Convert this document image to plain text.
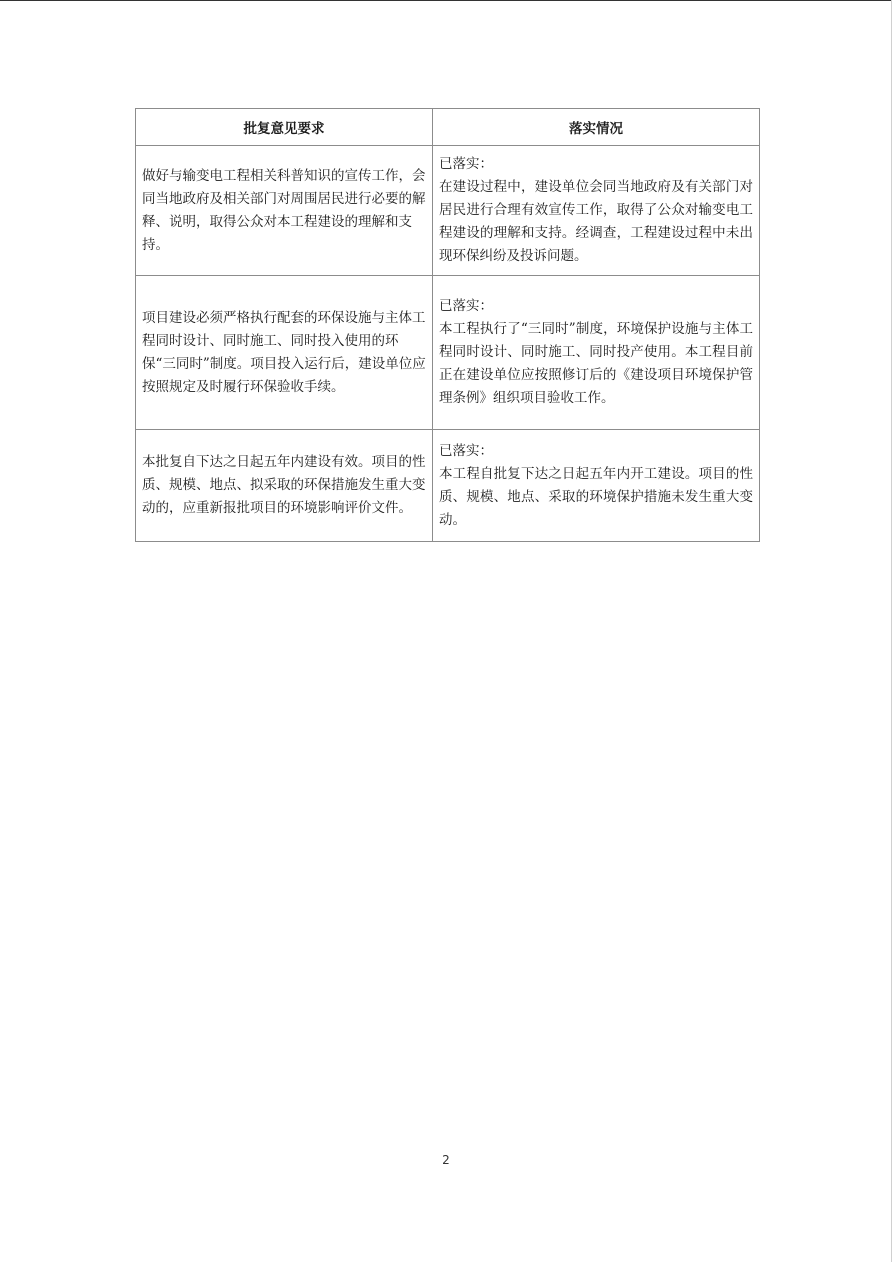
批复意见要求	落实情况
做好与输变电工程相关科普知识的宣传工作，会同当地政府及相关部门对周围居民进行必要的解释、说明，取得公众对本工程建设的理解和支持。	已落实：
在建设过程中，建设单位会同当地政府及有关部门对居民进行合理有效宣传工作，取得了公众对输变电工程建设的理解和支持。经调查，工程建设过程中未出现环保纠纷及投诉问题。

项目建设必须严格执行配套的环保设施与主体工程同时设计、同时施工、同时投入使用的环保“三同时”制度。项目投入运行后，建设单位应按照规定及时履行环保验收手续。	已落实：
本工程执行了“三同时”制度，环境保护设施与主体工程同时设计、同时施工、同时投产使用。本工程目前正在建设单位应按照修订后的《建设项目环境保护管理条例》组织项目验收工作。

本批复自下达之日起五年内建设有效。项目的性质、规模、地点、拟采取的环保措施发生重大变动的，应重新报批项目的环境影响评价文件。	已落实：
本工程自批复下达之日起五年内开工建设。项目的性质、规模、地点、采取的环境保护措施未发生重大变动。
2
